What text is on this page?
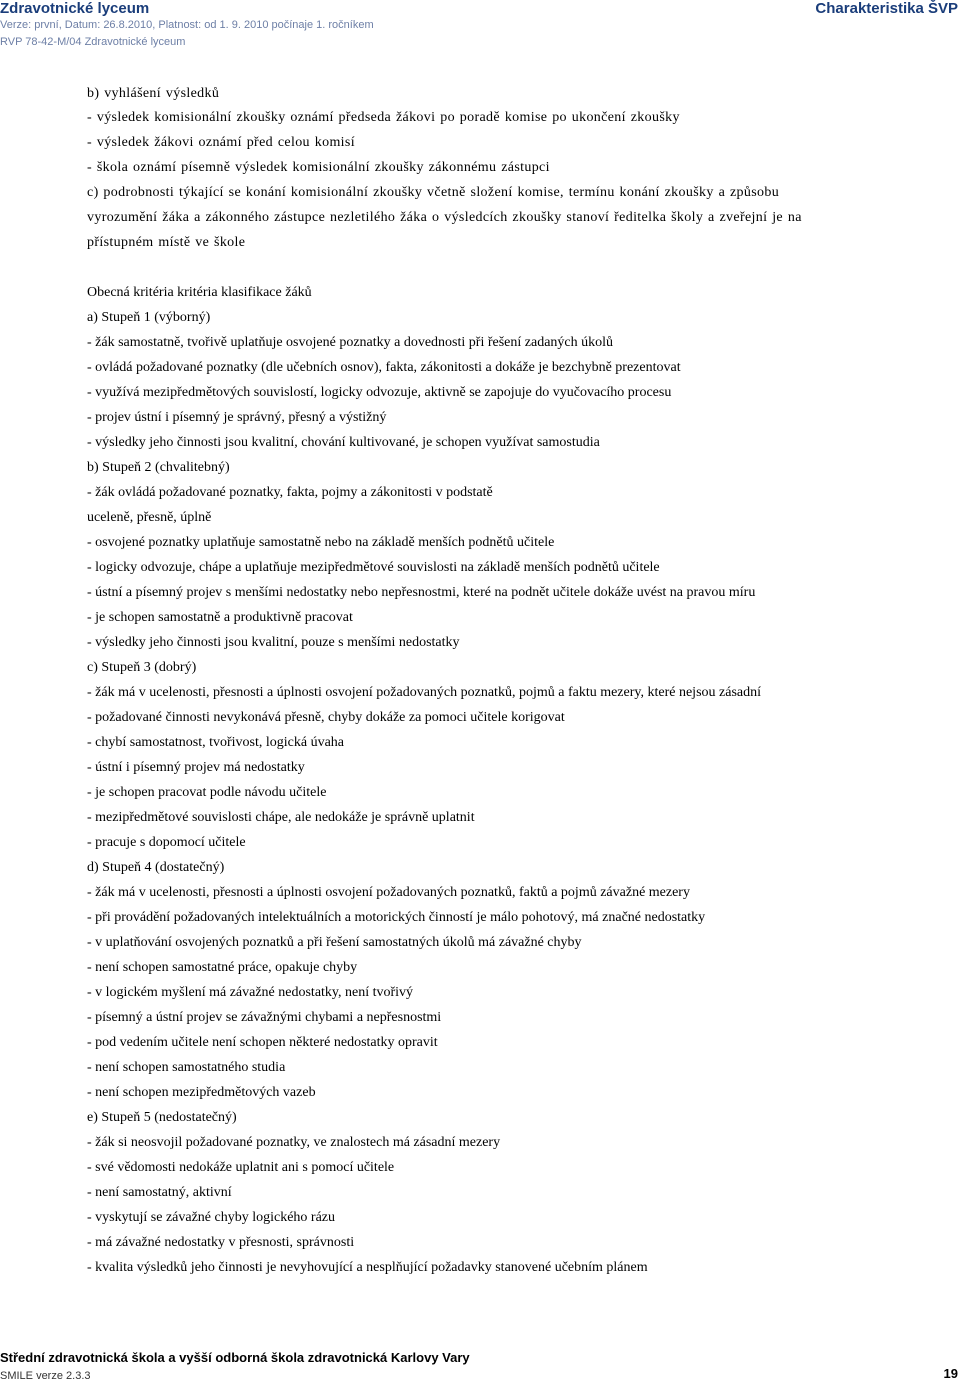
Zdravotnické lyceum	Charakteristika ŠVP
Verze: první, Datum: 26.8.2010, Platnost: od 1. 9. 2010 počínaje 1. ročníkem
RVP 78-42-M/04 Zdravotnické lyceum
b) vyhlášení výsledků
- výsledek komisionální zkoušky oznámí předseda žákovi po poradě komise po ukončení zkoušky
- výsledek žákovi oznámí před celou komisí
- škola oznámí písemně výsledek komisionální zkoušky zákonnému zástupci
c) podrobnosti týkající se konání komisionální zkoušky včetně složení komise, termínu konání zkoušky a způsobu
vyrozumění žáka a zákonného zástupce nezletilého žáka o výsledcích zkoušky stanoví ředitelka školy a zveřejní je na
přístupném místě ve škole
Obecná kritéria kritéria klasifikace žáků
a) Stupeň 1 (výborný)
- žák samostatně, tvořivě uplatňuje osvojené poznatky a dovednosti při řešení zadaných úkolů
- ovládá požadované poznatky (dle učebních osnov), fakta, zákonitosti a dokáže je bezchybně prezentovat
- využívá mezipředmětových souvislostí, logicky odvozuje, aktivně se zapojuje do vyučovacího procesu
- projev ústní i písemný je správný, přesný a výstižný
- výsledky jeho činnosti jsou kvalitní, chování kultivované, je schopen využívat samostudia
b) Stupeň 2 (chvalitebný)
- žák ovládá požadované poznatky, fakta, pojmy a zákonitosti v podstatě
uceleně, přesně, úplně
- osvojené poznatky uplatňuje samostatně nebo na základě menších podnětů učitele
- logicky odvozuje, chápe a uplatňuje mezipředmětové souvislosti na základě menších podnětů učitele
- ústní a písemný projev s menšími nedostatky nebo nepřesnostmi, které na podnět učitele dokáže uvést na pravou míru
- je schopen samostatně a produktivně pracovat
- výsledky jeho činnosti jsou kvalitní, pouze s menšími nedostatky
c) Stupeň 3 (dobrý)
- žák má v ucelenosti, přesnosti a úplnosti osvojení požadovaných poznatků, pojmů a faktu mezery, které nejsou zásadní
- požadované činnosti nevykonává přesně, chyby dokáže za pomoci učitele korigovat
- chybí samostatnost, tvořivost, logická úvaha
- ústní i písemný projev má nedostatky
- je schopen pracovat podle návodu učitele
- mezipředmětové souvislosti chápe, ale nedokáže je správně uplatnit
- pracuje s dopomocí učitele
d) Stupeň 4 (dostatečný)
- žák má v ucelenosti, přesnosti a úplnosti osvojení požadovaných poznatků, faktů a pojmů závažné mezery
- při provádění požadovaných intelektuálních a motorických činností je málo pohotový, má značné nedostatky
- v uplatňování osvojených poznatků a při řešení samostatných úkolů má závažné chyby
- není schopen samostatné práce, opakuje chyby
- v logickém myšlení má závažné nedostatky, není tvořivý
- písemný a ústní projev se závažnými chybami a nepřesnostmi
- pod vedením učitele není schopen některé nedostatky opravit
- není schopen samostatného studia
- není schopen mezipředmětových vazeb
e) Stupeň 5 (nedostatečný)
- žák si neosvojil požadované poznatky, ve znalostech má zásadní mezery
- své vědomosti nedokáže uplatnit ani s pomocí učitele
- není samostatný, aktivní
- vyskytují se závažné chyby logického rázu
- má závažné nedostatky v přesnosti, správnosti
- kvalita výsledků jeho činnosti je nevyhovující a nesplňující požadavky stanovené učebním plánem
Střední zdravotnická škola a vyšší odborná škola zdravotnická Karlovy Vary
SMILE verze 2.3.3	19
